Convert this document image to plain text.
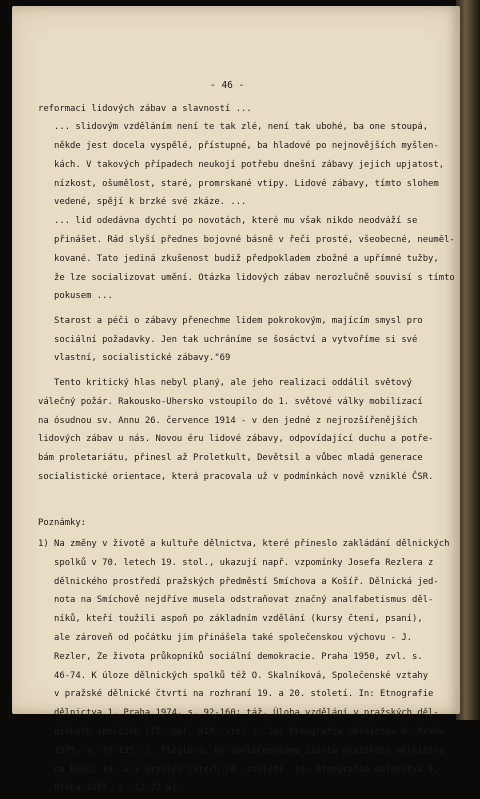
- 46 -
reformaci lidových zábav a slavností ...
... slidovým vzděláním není te tak zlé, není tak ubohé, ba one stoupá,
někde jest docela vyspělé, přístupné, ba hladové po nejnovějších myšlen-
kách. V takových případech neukojí potřebu dnešní zábavy jejich upjatost,
nízkost, ošumělost, staré, promrskané vtipy. Lidové zábavy, tímto slohem
vedené, spějí k brzké své zkáze. ...
... lid odedávna dychtí po novotách, které mu však nikdo neodváží se
přinášet. Rád slyší přednes bojovné básně v řeči prosté, všeobecné, neumêl-
kované. Tato jediná zkušenost budiž předpokladem zbožné a upřímné tužby,
že lze socializovat umění. Otázka lidových zábav nerozlučně souvisí s tímto
pokusem ...
Starost a péči o zábavy přenechme lidem pokrokovým, majícím smysl pro
sociální požadavky. Jen tak uchráníme se šosáctví a vytvoříme si své
vlastní, socialistické zábavy."69
Tento kritický hlas nebyl planý, ale jeho realizaci oddálil světový
válečný požár. Rakousko-Uhersko vstoupilo do 1. světové války mobilizací
na ósudnou sv. Annu 26. července 1914 - v den jedné z nejrozšířenějších
lidových zábav u nás. Novou éru lidové zábavy, odpovídající duchu a potře-
bám proletariátu, přinesl až Proletkult, Devětsil a vůbec mladá generace
socialistické orientace, která pracovala už v podmínkách nově vzniklé ČSR.
Poznámky:
1) Na změny v životě a kultuře dělnictva, které přineslo zakládání dělnických
spolků v 70. letech 19. stol., ukazují např. vzpomínky Josefa Rezlera z
dělnického prostředí pražských předměstí Smíchova a Košíř. Dělnická jed-
nota na Smíchově nejdříve musela odstraňovat značný analfabetismus děl-
níků, kteří toužili aspoň po základním vzdělání (kursy čtení, psaní),
ale zároveň od počátku jim přinášela také společenskou výchovu - J.
Rezler, Ze života průkopníků sociální demokracie. Praha 1950, zvl. s.
46-74. K úloze dělnických spolků též O. Skalníková, Společenské vztahy
v pražské dělnické čtvrti na rozhraní 19. a 20. století. In: Etnografie
dělnictva 1. Praha 1974, s. 92-160; táž, Úloha vzdělání v pražských děl-
nických spolcích (II. pol. XIX. stol.). In: Etnografie dělnictva 6, Praha
1975, s. 78-135; J. Fleglová, Ke společenskému životu pražského dělnictva
na konci 19. a v prvních letech 20. století. In: Etnografie dělnictva 5,
Praha 1975, s. 12-73 aj.
